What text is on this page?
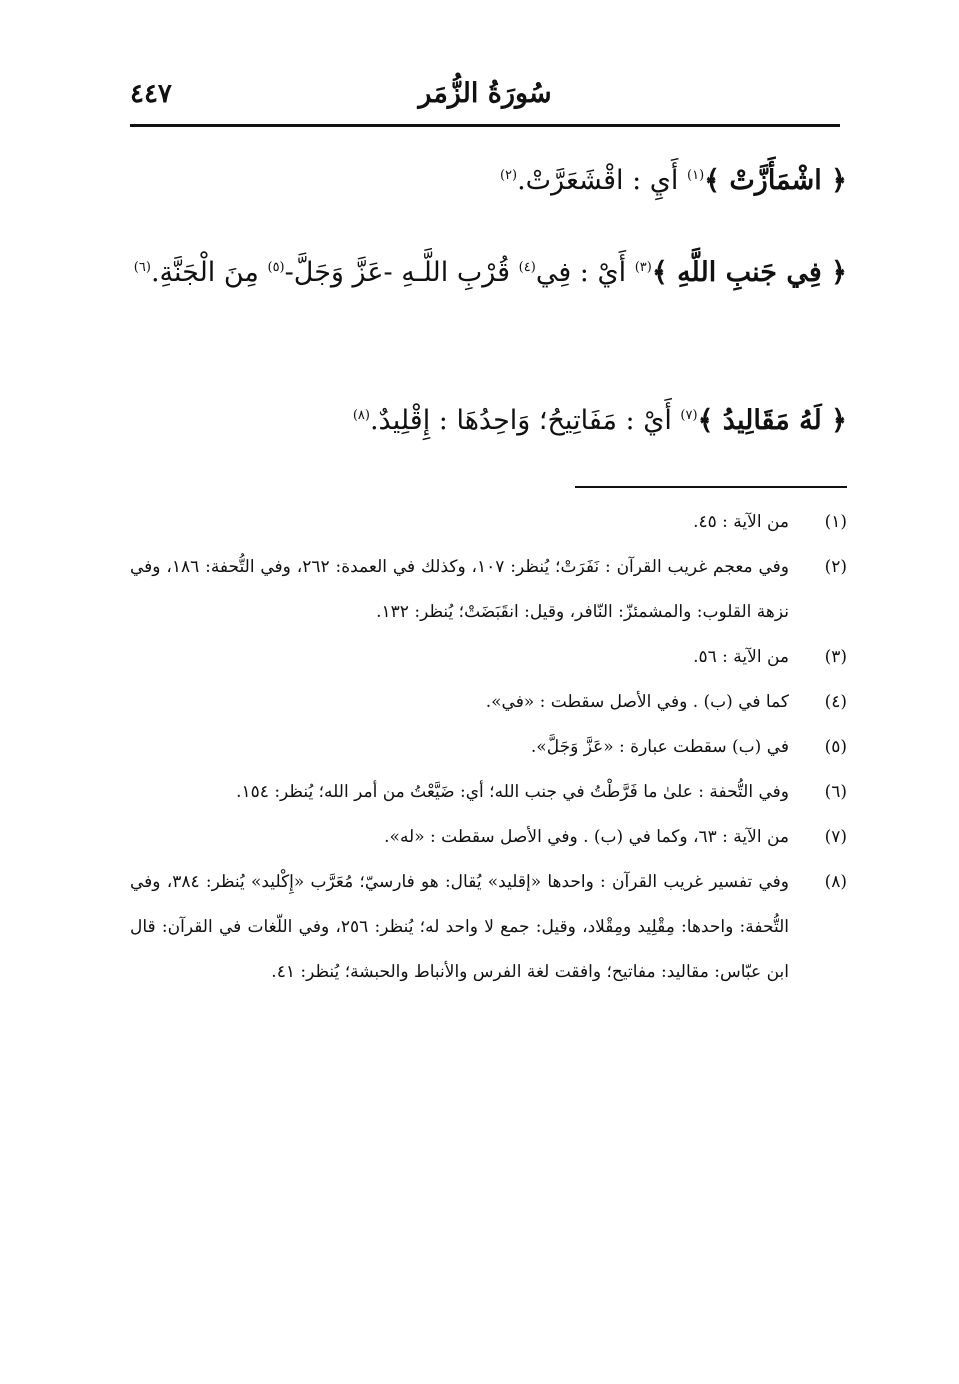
سُورَةُ الزُّمَر
٤٤٧
﴿ اشْمَأَزَّتْ ﴾$^{(١)}$ أَيِ : اقْشَعَرَّتْ.$^{(٢)}$
﴿ فِي جَنبِ اللَّهِ ﴾$^{(٣)}$ أَيْ : فِي$^{(٤)}$ قُرْبِ اللَّـهِ -عَزَّ وَجَلَّ-$^{(٥)}$ مِنَ الْجَنَّةِ.$^{(٦)}$
﴿ لَهُ مَقَالِيدُ ﴾$^{(٧)}$ أَيْ : مَفَاتِيحُ؛ وَاحِدُهَا : إِقْلِيدٌ.$^{(٨)}$
(١)
من الآية : ٤٥.
(٢)
وفي معجم غريب القرآن : نَفَرَتْ؛ يُنظر: ١٠٧، وكذلك في العمدة: ٢٦٢، وفي التُّحفة: ١٨٦، وفي نزهة القلوب: والمشمئزّ: النّافر، وقيل: انقَبَضَتْ؛ يُنظر: ١٣٢.
(٣)
من الآية : ٥٦.
(٤)
كما في (ب) . وفي الأصل سقطت : «في».
(٥)
في (ب) سقطت عبارة : «عَزَّ وَجَلَّ».
(٦)
وفي التُّحفة : علىٰ ما فَرَّطْتُ في جنب الله؛ أي: ضَيَّعْتُ من أمر الله؛ يُنظر: ١٥٤.
(٧)
من الآية : ٦٣، وكما في (ب) . وفي الأصل سقطت : «له».
(٨)
وفي تفسير غريب القرآن : واحدها «إقليد» يُقال: هو فارسيّ؛ مُعَرَّب «إِكْليد» يُنظر: ٣٨٤، وفي التُّحفة: واحدها: مِقْلِيد ومِقْلاد، وقيل: جمع لا واحد له؛ يُنظر: ٢٥٦، وفي اللّغات في القرآن: قال ابن عبّاس: مقاليد: مفاتيح؛ وافقت لغة الفرس والأنباط والحبشة؛ يُنظر: ٤١.
